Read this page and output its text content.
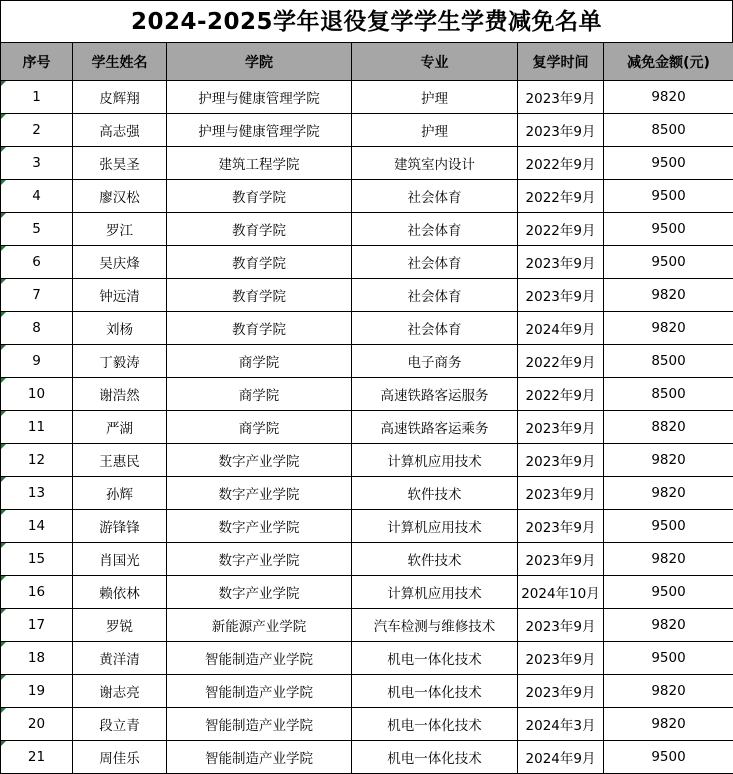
2024-2025学年退役复学学生学费减免名单
序号	学生姓名	学院	专业	复学时间	减免金额(元)
1	皮辉翔	护理与健康管理学院	护理	2023年9月	9820
2	高志强	护理与健康管理学院	护理	2023年9月	8500
3	张昊圣	建筑工程学院	建筑室内设计	2022年9月	9500
4	廖汉松	教育学院	社会体育	2022年9月	9500
5	罗江	教育学院	社会体育	2022年9月	9500
6	吴庆烽	教育学院	社会体育	2023年9月	9500
7	钟远清	教育学院	社会体育	2023年9月	9820
8	刘杨	教育学院	社会体育	2024年9月	9820
9	丁毅涛	商学院	电子商务	2022年9月	8500
10	谢浩然	商学院	高速铁路客运服务	2022年9月	8500
11	严湖	商学院	高速铁路客运乘务	2023年9月	8820
12	王惠民	数字产业学院	计算机应用技术	2023年9月	9820
13	孙辉	数字产业学院	软件技术	2023年9月	9820
14	游锋锋	数字产业学院	计算机应用技术	2023年9月	9500
15	肖国光	数字产业学院	软件技术	2023年9月	9820
16	赖依林	数字产业学院	计算机应用技术	2024年10月	9500
17	罗锐	新能源产业学院	汽车检测与维修技术	2023年9月	9820
18	黄洋清	智能制造产业学院	机电一体化技术	2023年9月	9500
19	谢志亮	智能制造产业学院	机电一体化技术	2023年9月	9820
20	段立青	智能制造产业学院	机电一体化技术	2024年3月	9820
21	周佳乐	智能制造产业学院	机电一体化技术	2024年9月	9500
